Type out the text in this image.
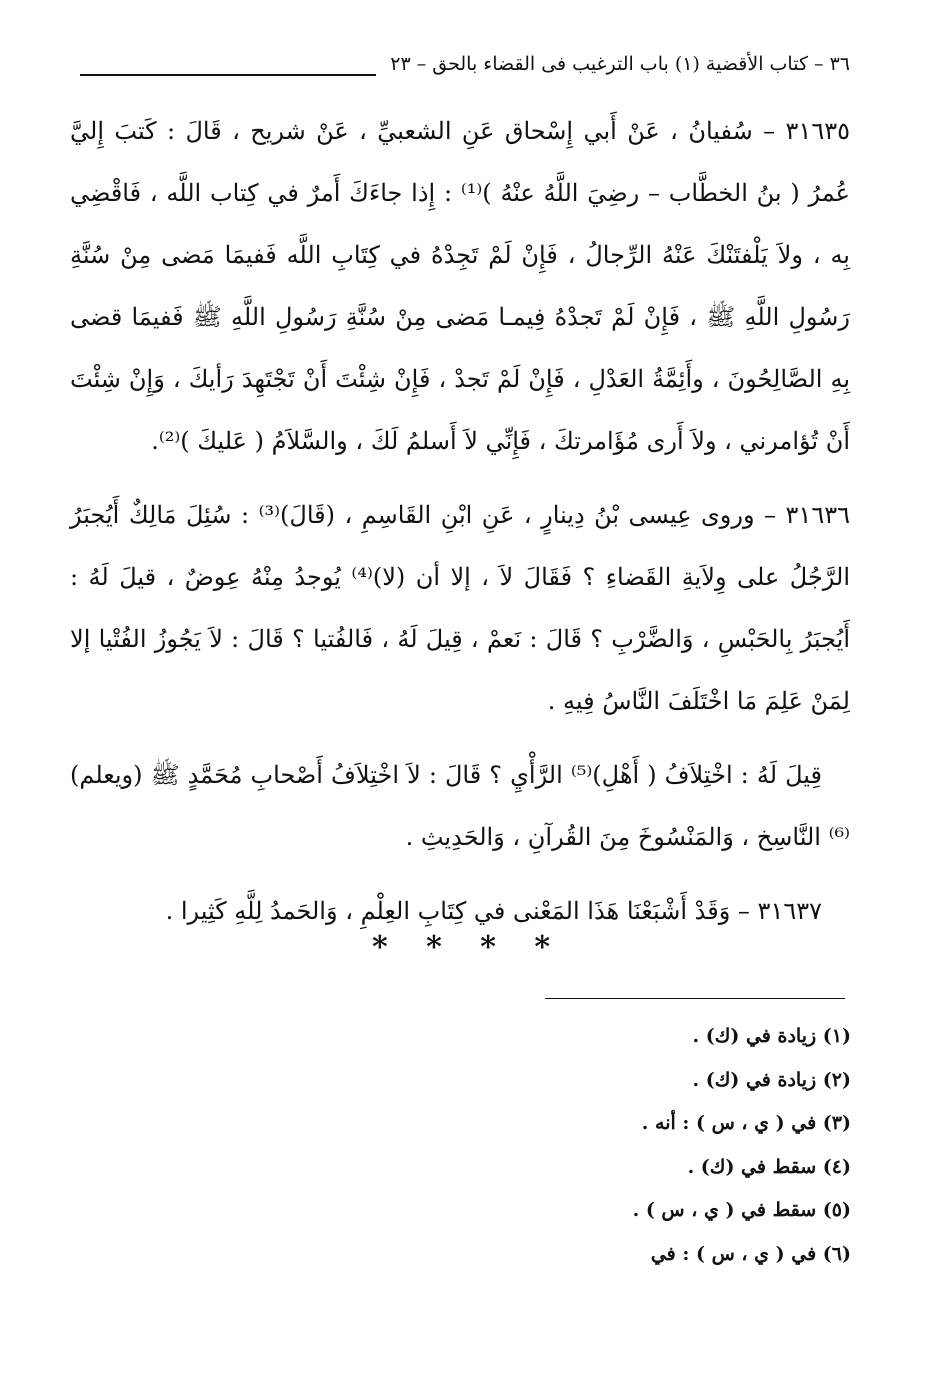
٣٦ – كتاب الأقضية (١) باب الترغيب فى القضاء بالحق – ٢٣

٣١٦٣٥ – سُفيانُ ، عَنْ أَبي إِسْحاق عَنِ الشعبيِّ ، عَنْ شريح ، قَالَ : كَتبَ إِليَّ عُمرُ ( بنُ الخطَّاب – رضِيَ اللَّهُ عنْهُ )⁽¹⁾ : إِذا جاءَكَ أَمرٌ في كِتاب اللَّه ، فَاقْضِي بِه ، ولاَ يَلْفتَنْكَ عَنْهُ الرِّجالُ ، فَإِنْ لَمْ تَجِدْهُ في كِتَابِ اللَّه فَفيمَا مَضى مِنْ سُنَّةِ رَسُولِ اللَّهِ ﷺ ، فَإِنْ لَمْ تَجدْهُ فِيمـا مَضى مِنْ سُنَّةِ رَسُولِ اللَّهِ ﷺ فَفيمَا قضى بِهِ الصَّالِحُونَ ، وأَئِمَّةُ العَدْلِ ، فَإِنْ لَمْ تَجدْ ، فَإِنْ شِئْتَ أَنْ تَجْتَهِدَ رَأيكَ ، وَإِنْ شِئْتَ أَنْ تُؤامرني ، ولاَ أَرى مُؤَامرتكَ ، فَإِنِّي لاَ أَسلمُ لَكَ ، والسَّلاَمُ ( عَليكَ )⁽²⁾.

٣١٦٣٦ – وروى عِيسى بْنُ دِينارٍ ، عَنِ ابْنِ القَاسِمِ ، (قَالَ)⁽³⁾ : سُئِلَ مَالِكٌ أَيُجبَرُ الرَّجُلُ على وِلاَيةِ القَضاءِ ؟ فَقَالَ لاَ ، إلا أن (لا)⁽⁴⁾ يُوجدُ مِنْهُ عِوضٌ ، قيلَ لَهُ : أَيُجبَرُ بِالحَبْسِ ، وَالضَّرْبِ ؟ قَالَ : نَعمْ ، قِيلَ لَهُ ، فَالفُتيا ؟ قَالَ : لاَ يَجُوزُ الفُتْيا إلا لِمَنْ عَلِمَ مَا اخْتَلَفَ النَّاسُ فِيهِ .

قِيلَ لَهُ : اخْتِلاَفُ ( أَهْلِ)⁽⁵⁾ الرَّأْيِ ؟ قَالَ : لاَ اخْتِلاَفُ أَصْحابِ مُحَمَّدٍ ﷺ (ويعلم)⁽⁶⁾ النَّاسِخ ، وَالمَنْسُوخَ مِنَ القُرآنِ ، وَالحَدِيثِ .

٣١٦٣٧ – وَقَدْ أَشْبَعْنَا هَذَا المَعْنى في كِتَابِ العِلْمِ ، وَالحَمدُ لِلَّهِ كَثِيرا .

* * * *
(١) زيادة في (ك) .
(٢) زيادة في (ك) .
(٣) في ( ي ، س ) : أنه .
(٤) سقط في (ك) .
(٥) سقط في ( ي ، س ) .
(٦) في ( ي ، س ) : في
